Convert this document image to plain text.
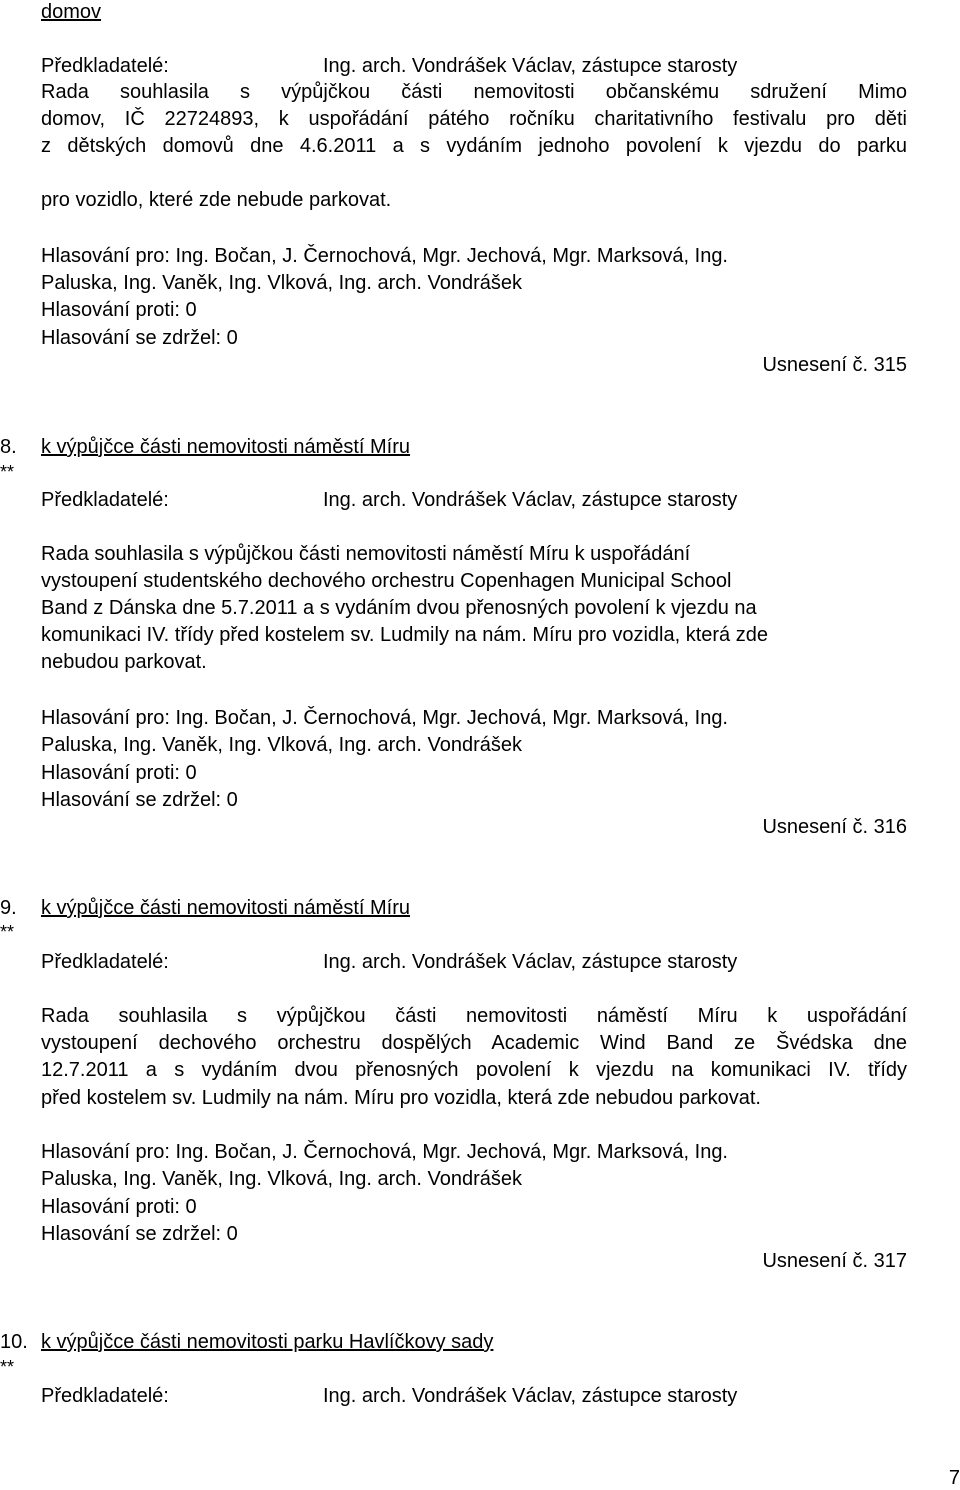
domov
Předkladatelé:	Ing. arch. Vondrášek Václav, zástupce starosty
Rada souhlasila s výpůjčkou části nemovitosti občanskému sdružení Mimo
domov, IČ 22724893, k uspořádání pátého ročníku charitativního festivalu pro děti
z dětských domovů dne 4.6.2011 a s vydáním jednoho povolení k vjezdu do parku
pro vozidlo, které zde nebude parkovat.
Hlasování pro: Ing. Bočan, J. Černochová, Mgr. Jechová, Mgr. Marksová, Ing.
Paluska, Ing. Vaněk, Ing. Vlková, Ing. arch. Vondrášek
Hlasování proti: 0
Hlasování se zdržel: 0
Usnesení č. 315
8. k výpůjčce části nemovitosti náměstí Míru
**
Předkladatelé:	Ing. arch. Vondrášek Václav, zástupce starosty
Rada souhlasila s výpůjčkou části nemovitosti náměstí Míru k uspořádání
vystoupení studentského dechového orchestru Copenhagen Municipal School
Band z Dánska dne 5.7.2011 a s vydáním dvou přenosných povolení k vjezdu na
komunikaci IV. třídy před kostelem sv. Ludmily na nám. Míru pro vozidla, která zde
nebudou parkovat.
Hlasování pro: Ing. Bočan, J. Černochová, Mgr. Jechová, Mgr. Marksová, Ing.
Paluska, Ing. Vaněk, Ing. Vlková, Ing. arch. Vondrášek
Hlasování proti: 0
Hlasování se zdržel: 0
Usnesení č. 316
9. k výpůjčce části nemovitosti náměstí Míru
**
Předkladatelé:	Ing. arch. Vondrášek Václav, zástupce starosty
Rada souhlasila s výpůjčkou části nemovitosti náměstí Míru k uspořádání
vystoupení dechového orchestru dospělých Academic Wind Band ze Švédska dne
12.7.2011 a s vydáním dvou přenosných povolení k vjezdu na komunikaci IV. třídy
před kostelem sv. Ludmily na nám. Míru pro vozidla, která zde nebudou parkovat.
Hlasování pro: Ing. Bočan, J. Černochová, Mgr. Jechová, Mgr. Marksová, Ing.
Paluska, Ing. Vaněk, Ing. Vlková, Ing. arch. Vondrášek
Hlasování proti: 0
Hlasování se zdržel: 0
Usnesení č. 317
10. k výpůjčce části nemovitosti parku Havlíčkovy sady
**
Předkladatelé:	Ing. arch. Vondrášek Václav, zástupce starosty
7
